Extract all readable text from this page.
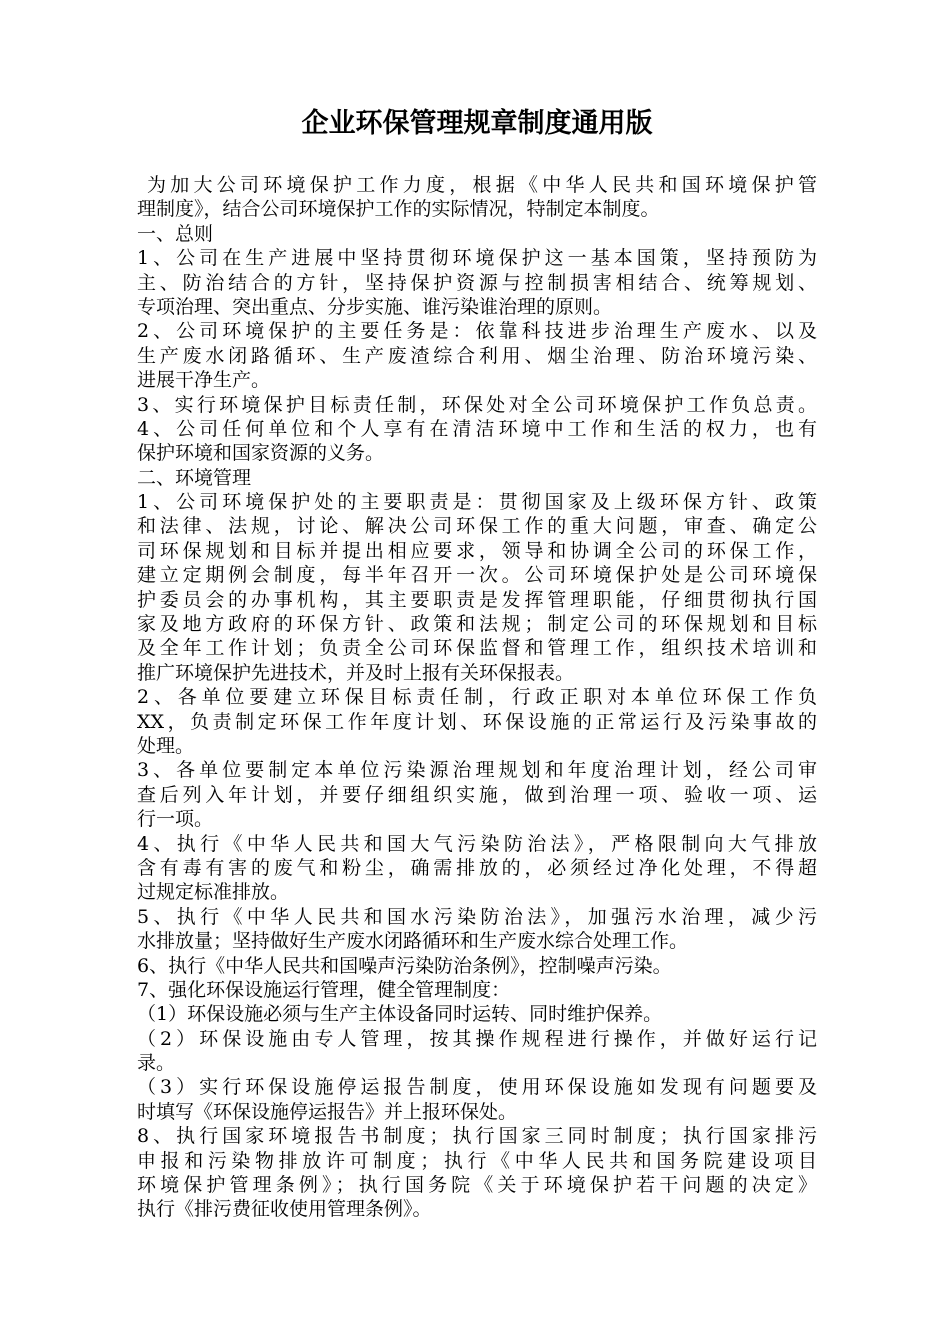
企业环保管理规章制度通用版
为加大公司环境保护工作力度，根据《中华人民共和国环境保护管
理制度》，结合公司环境保护工作的实际情况，特制定本制度。
一、总则
1、公司在生产进展中坚持贯彻环境保护这一基本国策，坚持预防为
主、防治结合的方针，坚持保护资源与控制损害相结合、统筹规划、
专项治理、突出重点、分步实施、谁污染谁治理的原则。
2、公司环境保护的主要任务是：依靠科技进步治理生产废水、以及
生产废水闭路循环、生产废渣综合利用、烟尘治理、防治环境污染、
进展干净生产。
3、实行环境保护目标责任制，环保处对全公司环境保护工作负总责。
4、公司任何单位和个人享有在清洁环境中工作和生活的权力，也有
保护环境和国家资源的义务。
二、环境管理
1、公司环境保护处的主要职责是：贯彻国家及上级环保方针、政策
和法律、法规，讨论、解决公司环保工作的重大问题，审查、确定公
司环保规划和目标并提出相应要求，领导和协调全公司的环保工作，
建立定期例会制度，每半年召开一次。公司环境保护处是公司环境保
护委员会的办事机构，其主要职责是发挥管理职能，仔细贯彻执行国
家及地方政府的环保方针、政策和法规；制定公司的环保规划和目标
及全年工作计划；负责全公司环保监督和管理工作，组织技术培训和
推广环境保护先进技术，并及时上报有关环保报表。
2、各单位要建立环保目标责任制，行政正职对本单位环保工作负
XX，负责制定环保工作年度计划、环保设施的正常运行及污染事故的
处理。
3、各单位要制定本单位污染源治理规划和年度治理计划，经公司审
查后列入年计划，并要仔细组织实施，做到治理一项、验收一项、运
行一项。
4、执行《中华人民共和国大气污染防治法》，严格限制向大气排放
含有毒有害的废气和粉尘，确需排放的，必须经过净化处理，不得超
过规定标准排放。
5、执行《中华人民共和国水污染防治法》，加强污水治理，减少污
水排放量；坚持做好生产废水闭路循环和生产废水综合处理工作。
6、执行《中华人民共和国噪声污染防治条例》，控制噪声污染。
7、强化环保设施运行管理，健全管理制度：
（1）环保设施必须与生产主体设备同时运转、同时维护保养。
（2）环保设施由专人管理，按其操作规程进行操作，并做好运行记
录。
（3）实行环保设施停运报告制度，使用环保设施如发现有问题要及
时填写《环保设施停运报告》并上报环保处。
8、执行国家环境报告书制度；执行国家三同时制度；执行国家排污
申报和污染物排放许可制度；执行《中华人民共和国务院建设项目
环境保护管理条例》；执行国务院《关于环境保护若干问题的决定》
执行《排污费征收使用管理条例》。
